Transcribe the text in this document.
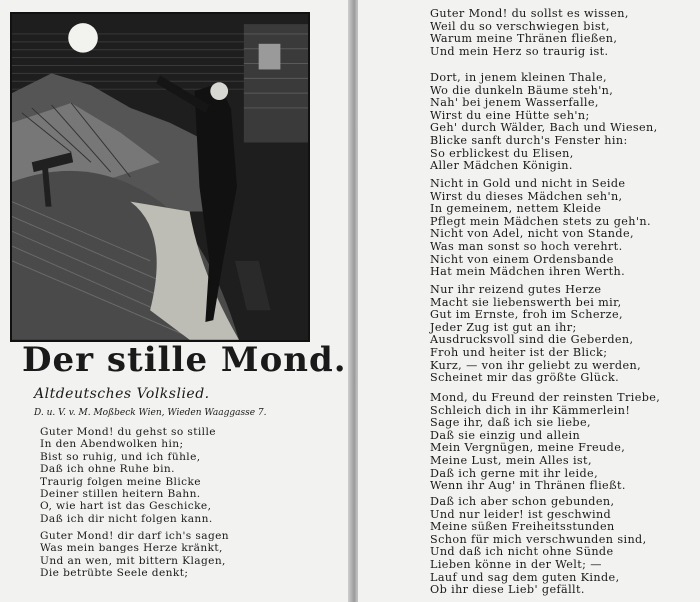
Der stille Mond.
Altdeutsches Volkslied.
D. u. V. v. M. Moßbeck Wien, Wieden Waaggasse 7.
Guter Mond! du gehst so stille
In den Abendwolken hin;
Bist so ruhig, und ich fühle,
Daß ich ohne Ruhe bin.
Traurig folgen meine Blicke
Deiner stillen heitern Bahn.
O, wie hart ist das Geschicke,
Daß ich dir nicht folgen kann.
Guter Mond! dir darf ich's sagen
Was mein banges Herze kränkt,
Und an wen, mit bittern Klagen,
Die betrübte Seele denkt;
Guter Mond! du sollst es wissen,
Weil du so verschwiegen bist,
Warum meine Thränen fließen,
Und mein Herz so traurig ist.
Dort, in jenem kleinen Thale,
Wo die dunkeln Bäume steh'n,
Nah' bei jenem Wasserfalle,
Wirst du eine Hütte seh'n;
Geh' durch Wälder, Bach und Wiesen,
Blicke sanft durch's Fenster hin:
So erblickest du Elisen,
Aller Mädchen Königin.
Nicht in Gold und nicht in Seide
Wirst du dieses Mädchen seh'n,
In gemeinem, nettem Kleide
Pflegt mein Mädchen stets zu geh'n.
Nicht von Adel, nicht von Stande,
Was man sonst so hoch verehrt.
Nicht von einem Ordensbande
Hat mein Mädchen ihren Werth.
Nur ihr reizend gutes Herze
Macht sie liebenswerth bei mir,
Gut im Ernste, froh im Scherze,
Jeder Zug ist gut an ihr;
Ausdrucksvoll sind die Geberden,
Froh und heiter ist der Blick;
Kurz, — von ihr geliebt zu werden,
Scheinet mir das größte Glück.
Mond, du Freund der reinsten Triebe,
Schleich dich in ihr Kämmerlein!
Sage ihr, daß ich sie liebe,
Daß sie einzig und allein
Mein Vergnügen, meine Freude,
Meine Lust, mein Alles ist,
Daß ich gerne mit ihr leide,
Wenn ihr Aug' in Thränen fließt.
Daß ich aber schon gebunden,
Und nur leider! ist geschwind
Meine süßen Freiheitsstunden
Schon für mich verschwunden sind,
Und daß ich nicht ohne Sünde
Lieben könne in der Welt; —
Lauf und sag dem guten Kinde,
Ob ihr diese Lieb' gefällt.
